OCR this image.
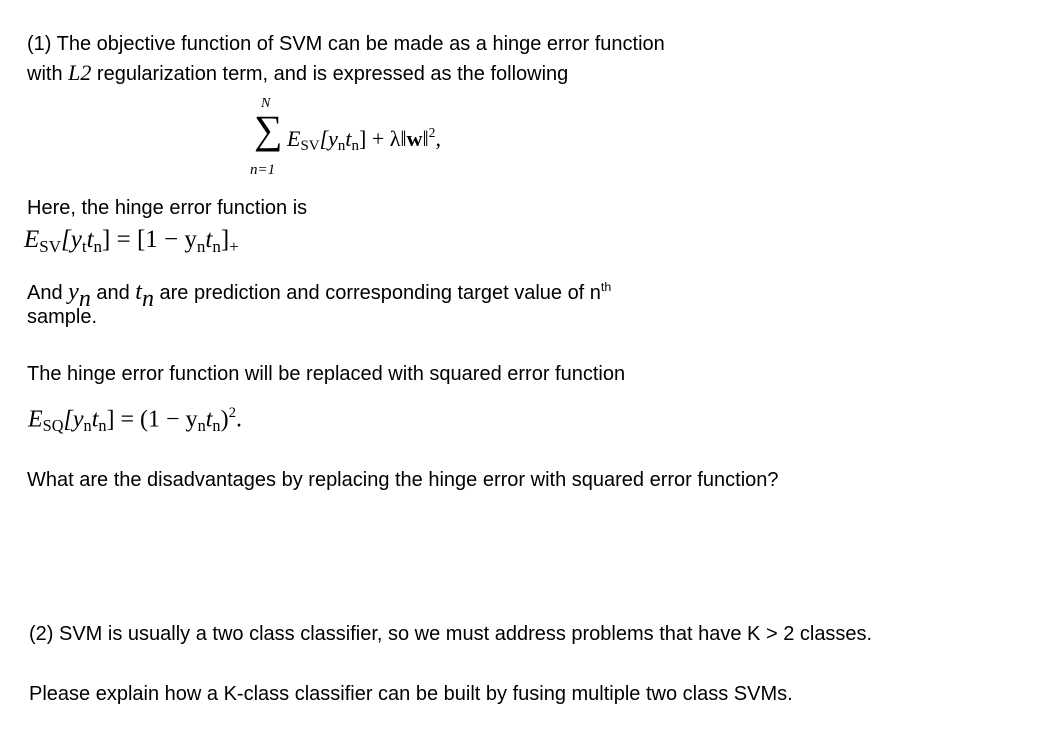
(1) The objective function of SVM can be made as a hinge error function
with L2 regularization term, and is expressed as the following
N
∑
n=1
$E_{SV}[y_nt_n]$ + λ‖w‖$^2$,
Here, the hinge error function is
$E_{SV}[y_tt_n] = [1 - y_nt_n]_+$
And yn and tn are prediction and corresponding target value of $n^{th}$
sample.
The hinge error function will be replaced with squared error function
$E_{SQ}[y_nt_n] = (1 - y_nt_n)^2$.
What are the disadvantages by replacing the hinge error with squared error function?
(2) SVM is usually a two class classifier, so we must address problems that have K > 2 classes.
Please explain how a K-class classifier can be built by fusing multiple two class SVMs.
